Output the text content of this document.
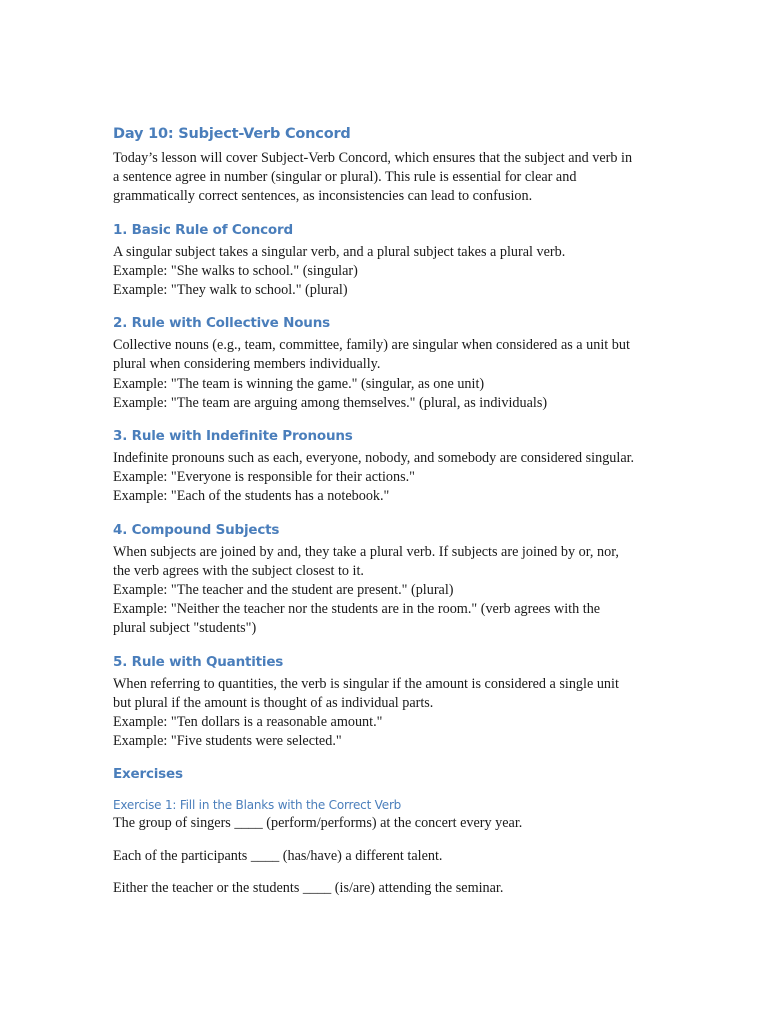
Day 10: Subject-Verb Concord

Today’s lesson will cover Subject-Verb Concord, which ensures that the subject and verb in
a sentence agree in number (singular or plural). This rule is essential for clear and
grammatically correct sentences, as inconsistencies can lead to confusion.

1. Basic Rule of Concord

A singular subject takes a singular verb, and a plural subject takes a plural verb.
Example: "She walks to school." (singular)
Example: "They walk to school." (plural)

2. Rule with Collective Nouns

Collective nouns (e.g., team, committee, family) are singular when considered as a unit but
plural when considering members individually.
Example: "The team is winning the game." (singular, as one unit)
Example: "The team are arguing among themselves." (plural, as individuals)

3. Rule with Indefinite Pronouns

Indefinite pronouns such as each, everyone, nobody, and somebody are considered singular.
Example: "Everyone is responsible for their actions."
Example: "Each of the students has a notebook."

4. Compound Subjects

When subjects are joined by and, they take a plural verb. If subjects are joined by or, nor,
the verb agrees with the subject closest to it.
Example: "The teacher and the student are present." (plural)
Example: "Neither the teacher nor the students are in the room." (verb agrees with the
plural subject "students")

5. Rule with Quantities

When referring to quantities, the verb is singular if the amount is considered a single unit
but plural if the amount is thought of as individual parts.
Example: "Ten dollars is a reasonable amount."
Example: "Five students were selected."

Exercises
Exercise 1: Fill in the Blanks with the Correct Verb

The group of singers ____ (perform/performs) at the concert every year.

Each of the participants ____ (has/have) a different talent.

Either the teacher or the students ____ (is/are) attending the seminar.
